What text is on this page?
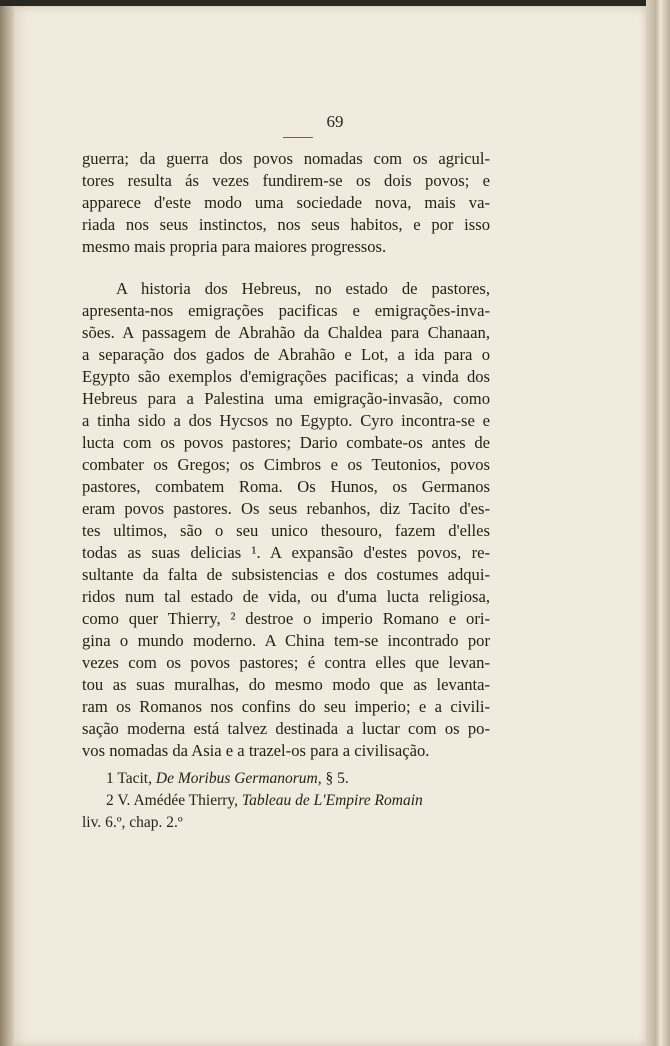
69
guerra; da guerra dos povos nomadas com os agricul-
tores resulta ás vezes fundirem-se os dois povos; e
apparece d'este modo uma sociedade nova, mais va-
riada nos seus instinctos, nos seus habitos, e por isso
mesmo mais propria para maiores progressos.
A historia dos Hebreus, no estado de pastores,
apresenta-nos emigrações pacificas e emigrações-inva-
sões. A passagem de Abrahão da Chaldea para Chanaan,
a separação dos gados de Abrahão e Lot, a ida para o
Egypto são exemplos d'emigrações pacificas; a vinda dos
Hebreus para a Palestina uma emigração-invasão, como
a tinha sido a dos Hycsos no Egypto. Cyro incontra-se e
lucta com os povos pastores; Dario combate-os antes de
combater os Gregos; os Cimbros e os Teutonios, povos
pastores, combatem Roma. Os Hunos, os Germanos
eram povos pastores. Os seus rebanhos, diz Tacito d'es-
tes ultimos, são o seu unico thesouro, fazem d'elles
todas as suas delicias ¹. A expansão d'estes povos, re-
sultante da falta de subsistencias e dos costumes adqui-
ridos num tal estado de vida, ou d'uma lucta religiosa,
como quer Thierry, ² destroe o imperio Romano e ori-
gina o mundo moderno. A China tem-se incontrado por
vezes com os povos pastores; é contra elles que levan-
tou as suas muralhas, do mesmo modo que as levanta-
ram os Romanos nos confins do seu imperio; e a civili-
sação moderna está talvez destinada a luctar com os po-
vos nomadas da Asia e a trazel-os para a civilisação.
1 Tacit, De Moribus Germanorum, § 5.
2 V. Amédée Thierry, Tableau de L'Empire Romain
liv. 6.º, chap. 2.º
